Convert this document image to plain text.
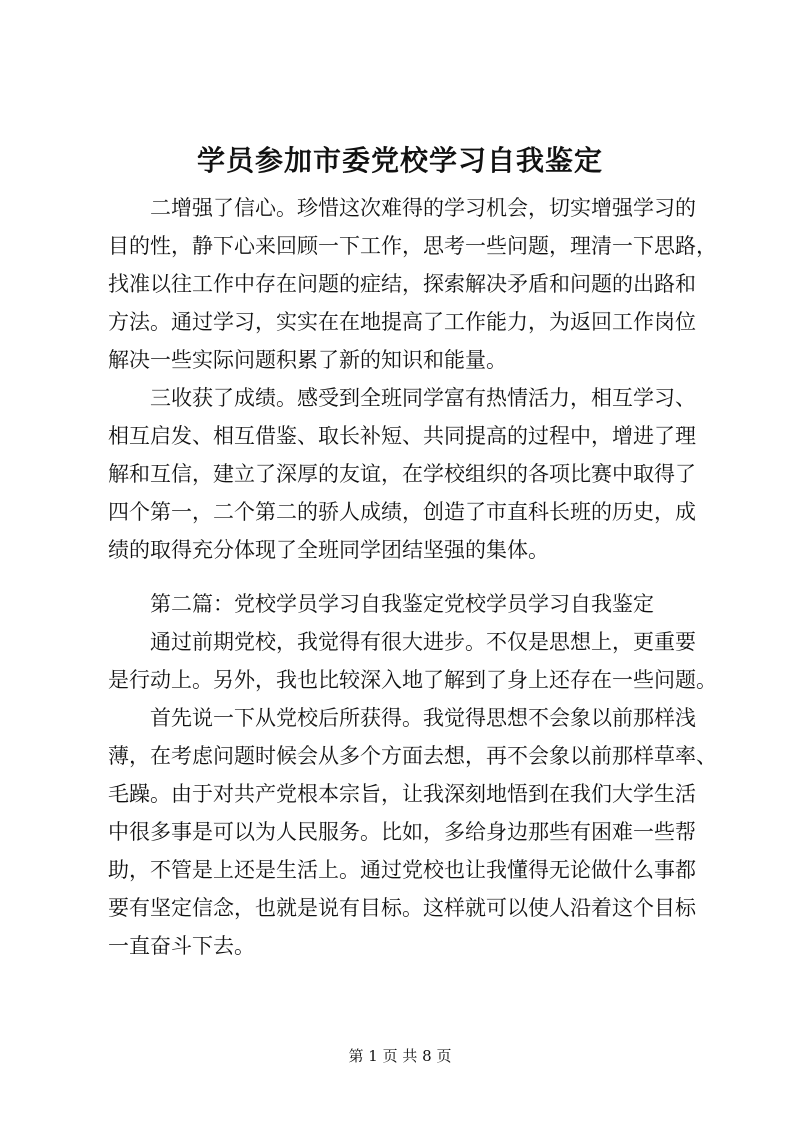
学员参加市委党校学习自我鉴定

二增强了信心。珍惜这次难得的学习机会，切实增强学习的

目的性，静下心来回顾一下工作，思考一些问题，理清一下思路，

找准以往工作中存在问题的症结，探索解决矛盾和问题的出路和

方法。通过学习，实实在在地提高了工作能力，为返回工作岗位

解决一些实际问题积累了新的知识和能量。

三收获了成绩。感受到全班同学富有热情活力，相互学习、

相互启发、相互借鉴、取长补短、共同提高的过程中，增进了理

解和互信，建立了深厚的友谊，在学校组织的各项比赛中取得了

四个第一，二个第二的骄人成绩，创造了市直科长班的历史，成

绩的取得充分体现了全班同学团结坚强的集体。

第二篇：党校学员学习自我鉴定党校学员学习自我鉴定

通过前期党校，我觉得有很大进步。不仅是思想上，更重要

是行动上。另外，我也比较深入地了解到了身上还存在一些问题。

首先说一下从党校后所获得。我觉得思想不会象以前那样浅

薄，在考虑问题时候会从多个方面去想，再不会象以前那样草率、

毛躁。由于对共产党根本宗旨，让我深刻地悟到在我们大学生活

中很多事是可以为人民服务。比如，多给身边那些有困难一些帮

助，不管是上还是生活上。通过党校也让我懂得无论做什么事都

要有坚定信念，也就是说有目标。这样就可以使人沿着这个目标

一直奋斗下去。

第 1 页 共 8 页
